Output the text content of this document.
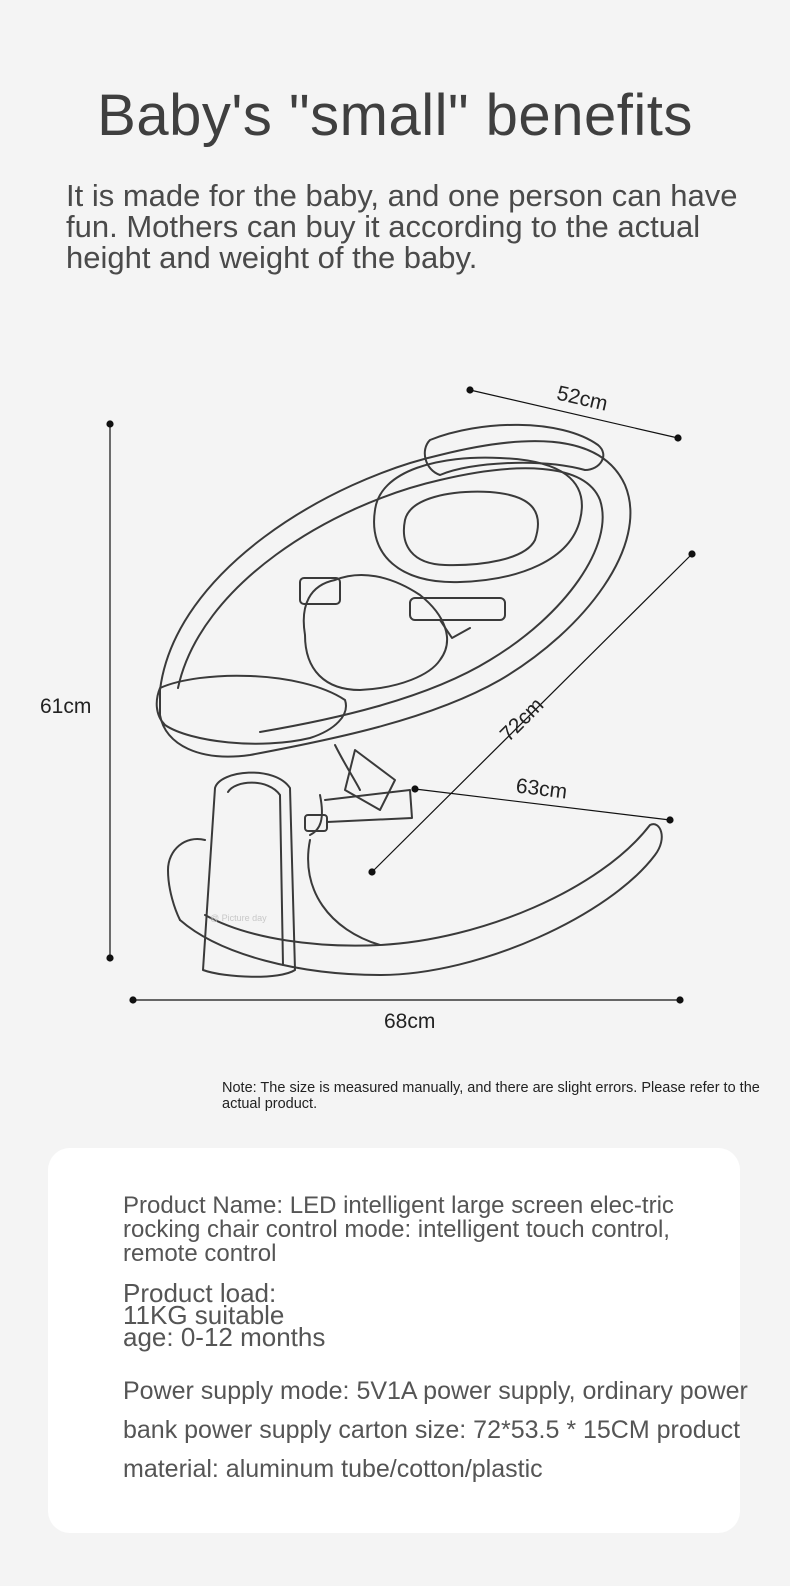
Baby's "small" benefits

It is made for the baby, and one person can have fun. Mothers can buy it according to the actual height and weight of the baby.

52cm
61cm	72cm
63cm
68cm
@ Picture day

Note: The size is measured manually, and there are slight errors. Please refer to the actual product.

Product Name: LED intelligent large screen elec-tric rocking chair control mode: intelligent touch control, remote control

Product load:
11KG suitable
age: 0-12 months

Power supply mode: 5V1A power supply, ordinary power bank power supply carton size: 72*53.5 * 15CM product material: aluminum tube/cotton/plastic
